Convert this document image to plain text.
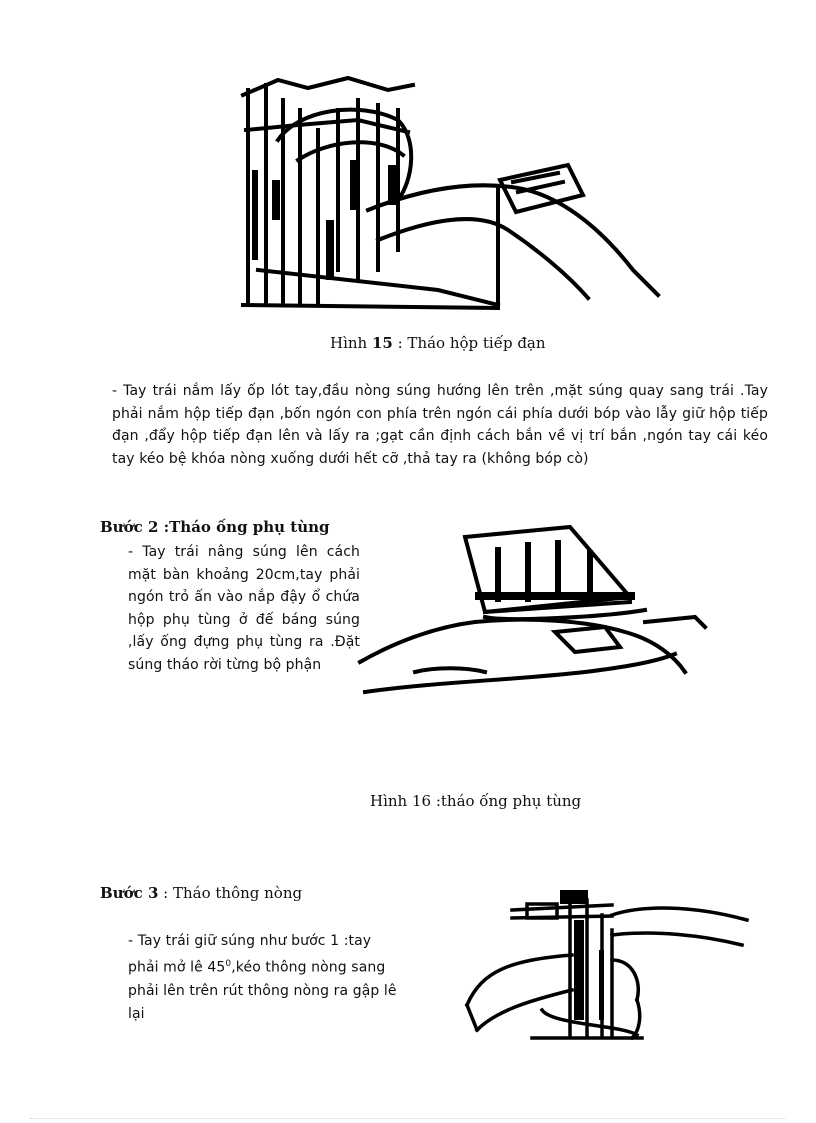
Hình 15 : Tháo hộp tiếp đạn
- Tay trái nắm lấy ốp lót tay,đầu nòng súng hướng lên trên ,mặt súng quay sang trái .Tay phải nắm hộp tiếp đạn ,bốn ngón con phía trên ngón cái phía dưới bóp vào lẫy giữ hộp tiếp đạn ,đẩy hộp tiếp đạn lên và lấy ra ;gạt cần định cách bắn về vị trí bắn ,ngón tay cái kéo tay kéo bệ khóa nòng xuống dưới hết cỡ ,thả tay ra (không bóp cò)
Bước 2 :Tháo ống phụ tùng
- Tay trái nâng súng lên cách mặt bàn khoảng 20cm,tay phải ngón trỏ ấn vào nắp đậy ổ chứa hộp phụ tùng ở đế báng súng ,lấy ống đựng phụ tùng ra .Đặt súng tháo rời từng bộ phận
Hình 16 :tháo ống phụ tùng
Bước 3 : Tháo thông nòng
- Tay trái giữ súng như bước 1 :tay phải mở lê $45^0,kéo$ thông nòng sang phải lên trên rút thông nòng ra gập lê lại
